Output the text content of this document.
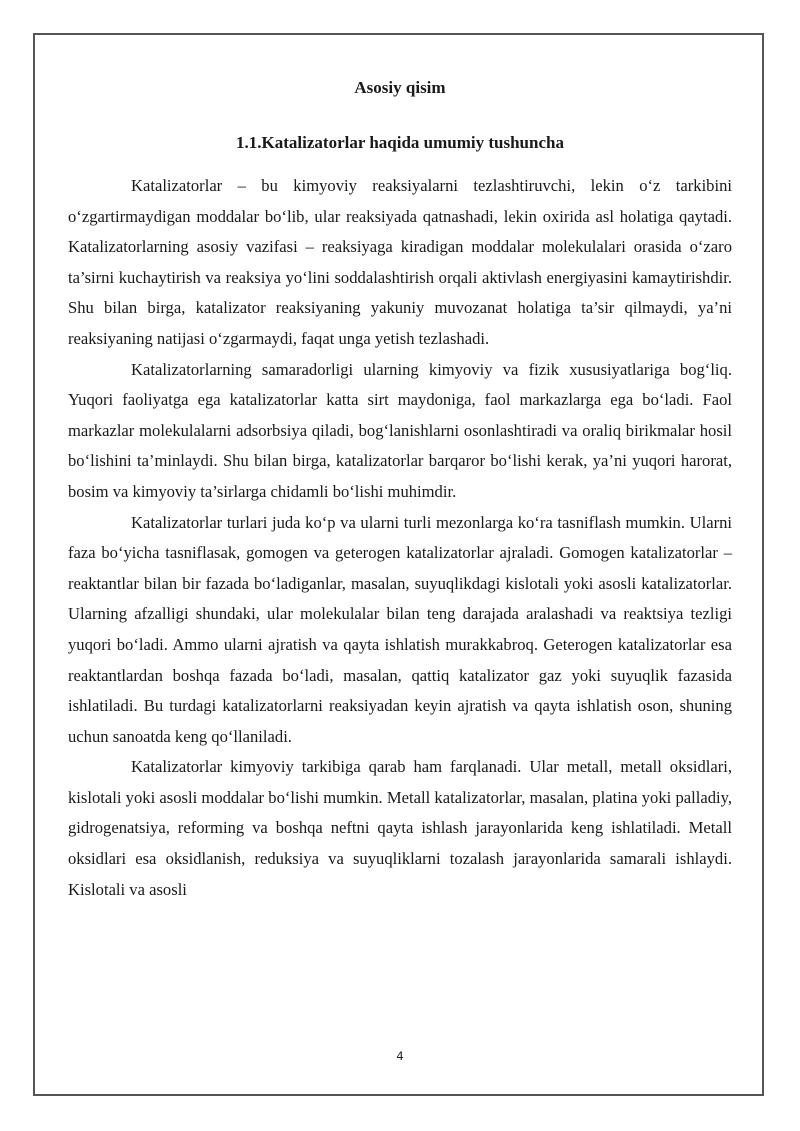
Asosiy qisim
1.1.Katalizatorlar haqida umumiy tushuncha

Katalizatorlar – bu kimyoviy reaksiyalarni tezlashtiruvchi, lekin o‘z tarkibini o‘zgartirmaydigan moddalar bo‘lib, ular reaksiyada qatnashadi, lekin oxirida asl holatiga qaytadi. Katalizatorlarning asosiy vazifasi – reaksiyaga kiradigan moddalar molekulalari orasida o‘zaro ta’sirni kuchaytirish va reaksiya yo‘lini soddalashtirish orqali aktivlash energiyasini kamaytirishdir. Shu bilan birga, katalizator reaksiyaning yakuniy muvozanat holatiga ta’sir qilmaydi, ya’ni reaksiyaning natijasi o‘zgarmaydi, faqat unga yetish tezlashadi.

Katalizatorlarning samaradorligi ularning kimyoviy va fizik xususiyatlariga bog‘liq. Yuqori faoliyatga ega katalizatorlar katta sirt maydoniga, faol markazlarga ega bo‘ladi. Faol markazlar molekulalarni adsorbsiya qiladi, bog‘lanishlarni osonlashtiradi va oraliq birikmalar hosil bo‘lishini ta’minlaydi. Shu bilan birga, katalizatorlar barqaror bo‘lishi kerak, ya’ni yuqori harorat, bosim va kimyoviy ta’sirlarga chidamli bo‘lishi muhimdir.

Katalizatorlar turlari juda ko‘p va ularni turli mezonlarga ko‘ra tasniflash mumkin. Ularni faza bo‘yicha tasniflasak, gomogen va geterogen katalizatorlar ajraladi. Gomogen katalizatorlar – reaktantlar bilan bir fazada bo‘ladiganlar, masalan, suyuqlikdagi kislotali yoki asosli katalizatorlar. Ularning afzalligi shundaki, ular molekulalar bilan teng darajada aralashadi va reaktsiya tezligi yuqori bo‘ladi. Ammo ularni ajratish va qayta ishlatish murakkabroq. Geterogen katalizatorlar esa reaktantlardan boshqa fazada bo‘ladi, masalan, qattiq katalizator gaz yoki suyuqlik fazasida ishlatiladi. Bu turdagi katalizatorlarni reaksiyadan keyin ajratish va qayta ishlatish oson, shuning uchun sanoatda keng qo‘llaniladi.

Katalizatorlar kimyoviy tarkibiga qarab ham farqlanadi. Ular metall, metall oksidlari, kislotali yoki asosli moddalar bo‘lishi mumkin. Metall katalizatorlar, masalan, platina yoki palladiy, gidrogenatsiya, reforming va boshqa neftni qayta ishlash jarayonlarida keng ishlatiladi. Metall oksidlari esa oksidlanish, reduksiya va suyuqliklarni tozalash jarayonlarida samarali ishlaydi. Kislotali va asosli

4
